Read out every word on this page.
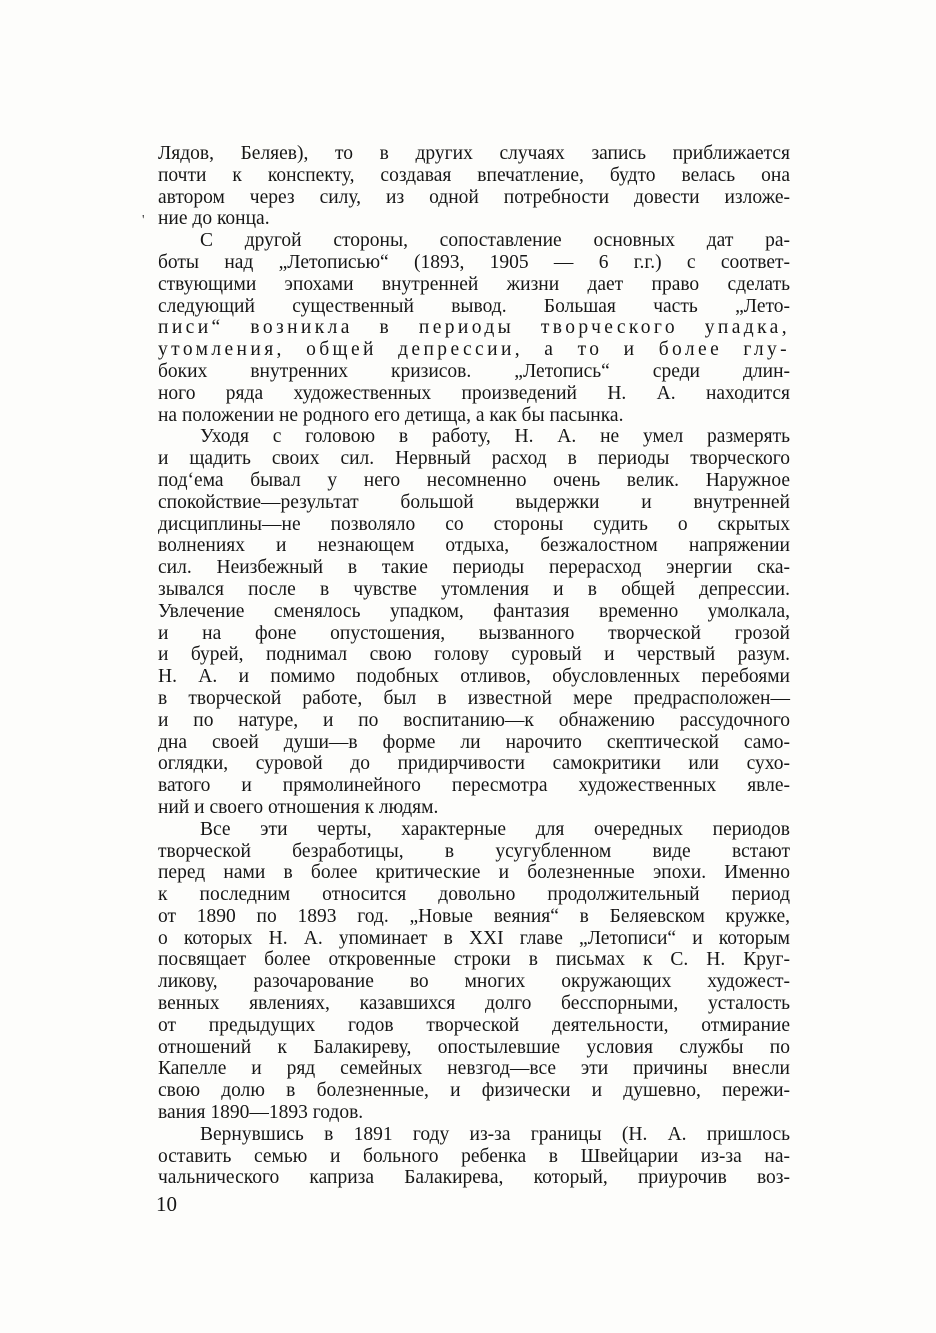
'
Лядов, Беляев), то в других случаях запись приближается
почти к конспекту, создавая впечатление, будто велась она
автором через силу, из одной потребности довести изложе-
ние до конца.
С другой стороны, сопоставление основных дат ра-
боты над „Летописью“ (1893, 1905 — 6 г.г.) с соответ-
ствующими эпохами внутренней жизни дает право сделать
следующий существенный вывод. Большая часть „Лето-
писи“ возникла в периоды творческого упадка,
утомления, общей депрессии, а то и более глу-
боких внутренних кризисов. „Летопись“ среди длин-
ного ряда художественных произведений Н. А. находится
на положении не родного его детища, а как бы пасынка.
Уходя с головою в работу, Н. А. не умел размерять
и щадить своих сил. Нервный расход в периоды творческого
под‘ема бывал у него несомненно очень велик. Наружное
спокойствие—результат большой выдержки и внутренней
дисциплины—не позволяло со стороны судить о скрытых
волнениях и незнающем отдыха, безжалостном напряжении
сил. Неизбежный в такие периоды перерасход энергии ска-
зывался после в чувстве утомления и в общей депрессии.
Увлечение сменялось упадком, фантазия временно умолкала,
и на фоне опустошения, вызванного творческой грозой
и бурей, поднимал свою голову суровый и черствый разум.
Н. А. и помимо подобных отливов, обусловленных перебоями
в творческой работе, был в известной мере предрасположен—
и по натуре, и по воспитанию—к обнажению рассудочного
дна своей души—в форме ли нарочито скептической само-
оглядки, суровой до придирчивости самокритики или сухо-
ватого и прямолинейного пересмотра художественных явле-
ний и своего отношения к людям.
Все эти черты, характерные для очередных периодов
творческой безработицы, в усугубленном виде встают
перед нами в более критические и болезненные эпохи. Именно
к последним относится довольно продолжительный период
от 1890 по 1893 год. „Новые веяния“ в Беляевском кружке,
о которых Н. А. упоминает в XXI главе „Летописи“ и которым
посвящает более откровенные строки в письмах к С. Н. Круг-
ликову, разочарование во многих окружающих художест-
венных явлениях, казавшихся долго бесспорными, усталость
от предыдущих годов творческой деятельности, отмирание
отношений к Балакиреву, опостылевшие условия службы по
Капелле и ряд семейных невзгод—все эти причины внесли
свою долю в болезненные, и физически и душевно, пережи-
вания 1890—1893 годов.
Вернувшись в 1891 году из-за границы (Н. А. пришлось
оставить семью и больного ребенка в Швейцарии из-за на-
чальнического каприза Балакирева, который, приурочив воз-
10
